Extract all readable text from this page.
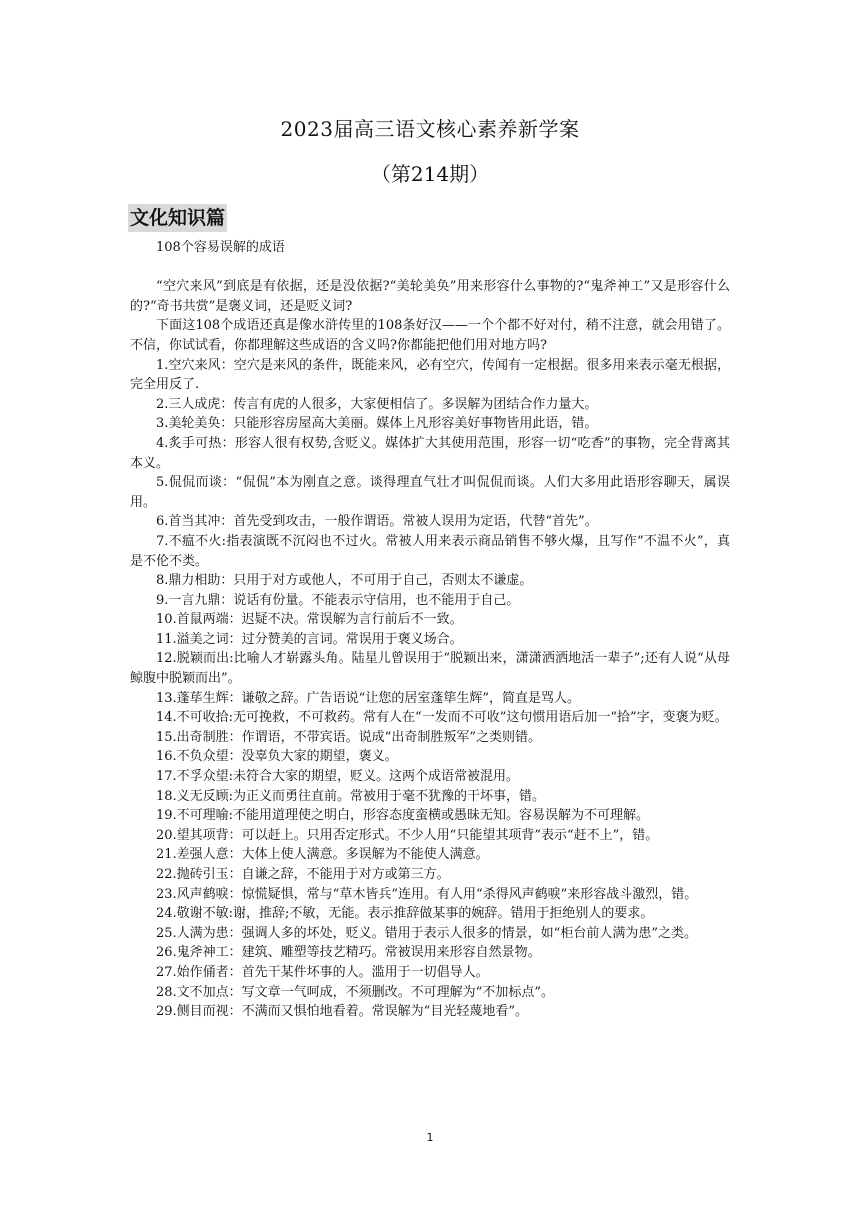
2023届高三语文核心素养新学案
（第214期）
文化知识篇
108个容易误解的成语
“空穴来风”到底是有依据，还是没依据?“美轮美奂”用来形容什么事物的?“鬼斧神工”又是形容什么的?“奇书共赏”是褒义词，还是贬义词?
下面这108个成语还真是像水浒传里的108条好汉——一个个都不好对付，稍不注意，就会用错了。不信，你试试看，你都理解这些成语的含义吗?你都能把他们用对地方吗?
1.空穴来风：空穴是来风的条件，既能来风，必有空穴，传闻有一定根据。很多用来表示毫无根据，完全用反了.
2.三人成虎：传言有虎的人很多，大家便相信了。多误解为团结合作力量大。
3.美轮美奂：只能形容房屋高大美丽。媒体上凡形容美好事物皆用此语，错。
4.炙手可热：形容人很有权势,含贬义。媒体扩大其使用范围，形容一切“吃香”的事物，完全背离其本义。
5.侃侃而谈：“侃侃”本为刚直之意。谈得理直气壮才叫侃侃而谈。人们大多用此语形容聊天，属误用。
6.首当其冲：首先受到攻击，一般作谓语。常被人误用为定语，代替“首先”。
7.不瘟不火:指表演既不沉闷也不过火。常被人用来表示商品销售不够火爆，且写作“不温不火”，真是不伦不类。
8.鼎力相助：只用于对方或他人，不可用于自己，否则太不谦虚。
9.一言九鼎：说话有份量。不能表示守信用，也不能用于自己。
10.首鼠两端：迟疑不决。常误解为言行前后不一致。
11.溢美之词：过分赞美的言词。常误用于褒义场合。
12.脱颖而出:比喻人才崭露头角。陆星儿曾误用于“脱颖出来，潇潇洒洒地活一辈子”;还有人说“从母鲸腹中脱颖而出”。
13.蓬荜生辉：谦敬之辞。广告语说“让您的居室蓬筚生辉”，简直是骂人。
14.不可收拾:无可挽救，不可救药。常有人在“一发而不可收”这句惯用语后加一“拾”字，变褒为贬。
15.出奇制胜：作谓语，不带宾语。说成“出奇制胜叛军”之类则错。
16.不负众望：没辜负大家的期望，褒义。
17.不孚众望:未符合大家的期望，贬义。这两个成语常被混用。
18.义无反顾:为正义而勇往直前。常被用于毫不犹豫的干坏事，错。
19.不可理喻:不能用道理使之明白，形容态度蛮横或愚昧无知。容易误解为不可理解。
20.望其项背：可以赶上。只用否定形式。不少人用“只能望其项背”表示“赶不上”，错。
21.差强人意：大体上使人满意。多误解为不能使人满意。
22.抛砖引玉：自谦之辞，不能用于对方或第三方。
23.风声鹤唳：惊慌疑惧，常与“草木皆兵”连用。有人用“杀得风声鹤唳”来形容战斗激烈，错。
24.敬谢不敏:谢，推辞;不敏，无能。表示推辞做某事的婉辞。错用于拒绝别人的要求。
25.人满为患：强调人多的坏处，贬义。错用于表示人很多的情景，如“柜台前人满为患”之类。
26.鬼斧神工：建筑、雕塑等技艺精巧。常被误用来形容自然景物。
27.始作俑者：首先干某件坏事的人。滥用于一切倡导人。
28.文不加点：写文章一气呵成，不须删改。不可理解为“不加标点”。
29.侧目而视：不满而又惧怕地看着。常误解为“目光轻蔑地看”。
1
